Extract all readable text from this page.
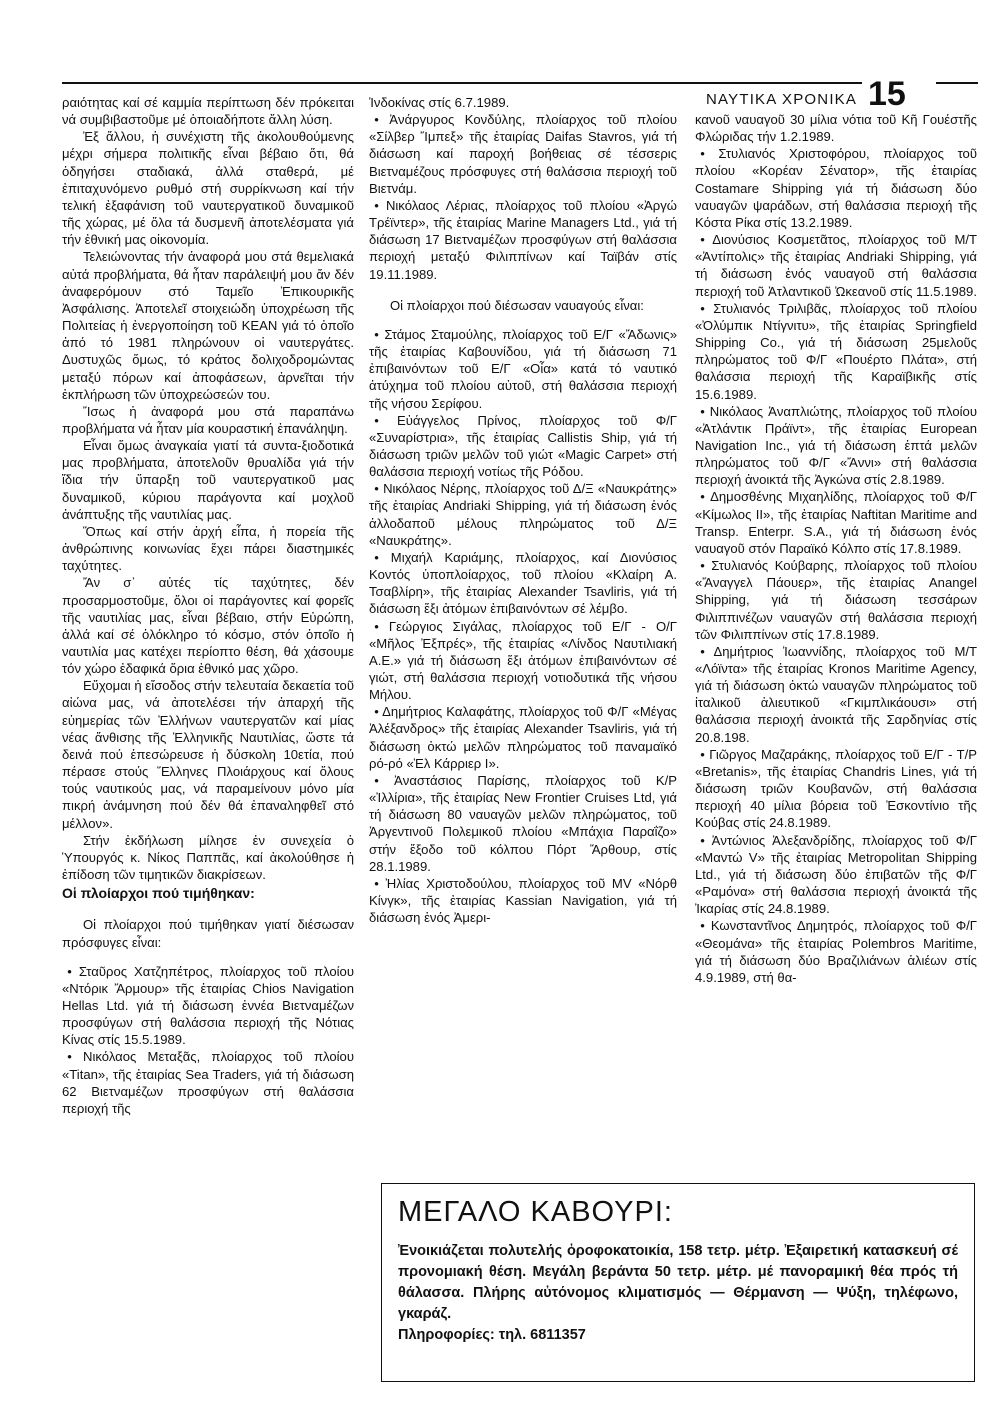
ΝΑΥΤΙΚΑ ΧΡΟΝΙΚΑ 15

ραιότητας καί σέ καμμία περίπτωση δέν πρόκειται νά συμβιβαστοῦμε μέ ὁποιαδήποτε ἄλλη λύση.

Ἐξ ἄλλου, ἡ συνέχιστη τῆς ἀκολουθούμενης μέχρι σήμερα πολιτικῆς εἶναι βέβαιο ὅτι, θά ὁδηγήσει σταδιακά, ἀλλά σταθερά, μέ ἐπιταχυνόμενο ρυθμό στή συρρίκνωση καί τήν τελική ἐξαφάνιση τοῦ ναυτεργατικοῦ δυναμικοῦ τῆς χώρας, μέ ὅλα τά δυσμενῆ ἀποτελέσματα γιά τήν ἐθνική μας οἰκονομία.

Τελειώνοντας τήν ἀναφορά μου στά θεμελιακά αὐτά προβλήματα, θά ἦταν παράλειψή μου ἄν δέν ἀναφερόμουν στό Ταμεῖο Ἐπικουρικῆς Ἀσφάλισης. Ἀποτελεῖ στοιχειώδη ὑποχρέωση τῆς Πολιτείας ἡ ἐνεργοποίηση τοῦ ΚΕΑΝ γιά τό ὁποῖο ἀπό τό 1981 πληρώνουν οἱ ναυτεργάτες. Δυστυχῶς ὅμως, τό κράτος δολιχοδρομώντας μεταξύ πόρων καί ἀποφάσεων, ἀρνεῖται τήν ἐκπλήρωση τῶν ὑποχρεώσεών του.

Ἴσως ἡ ἀναφορά μου στά παραπάνω προβλήματα νά ἦταν μία κουραστική ἐπανάληψη.

Εἶναι ὅμως ἀναγκαία γιατί τά συντα-ξιοδοτικά μας προβλήματα, ἀποτελοῦν θρυαλίδα γιά τήν ἴδια τήν ὕπαρξη τοῦ ναυτεργατικοῦ μας δυναμικοῦ, κύριου παράγοντα καί μοχλοῦ ἀνάπτυξης τῆς ναυτιλίας μας.

Ὅπως καί στήν ἀρχή εἶπα, ἡ πορεία τῆς ἀνθρώπινης κοινωνίας ἔχει πάρει διαστημικές ταχύτητες.

Ἄν σ᾽ αὐτές τίς ταχύτητες, δέν προσαρμοστοῦμε, ὅλοι οἱ παράγοντες καί φορεῖς τῆς ναυτιλίας μας, εἶναι βέβαιο, στήν Εὐρώπη, ἀλλά καί σέ ὁλόκληρο τό κόσμο, στόν ὁποῖο ἡ ναυτιλία μας κατέχει περίοπτο θέση, θά χάσουμε τόν χώρο ἐδαφικά ὅρια ἐθνικό μας χῶρο.

Εὔχομαι ἡ εἴσοδος στήν τελευταία δεκαετία τοῦ αἰώνα μας, νά ἀποτελέσει τήν ἀπαρχή τῆς εὐημερίας τῶν Ἑλλήνων ναυτεργατῶν καί μίας νέας ἄνθισης τῆς Ἑλληνικῆς Ναυτιλίας, ὥστε τά δεινά πού ἐπεσώρευσε ἡ δύσκολη 10ετία, πού πέρασε στούς Ἕλληνες Πλοιάρχους καί ὅλους τούς ναυτικούς μας, νά παραμείνουν μόνο μία πικρή ἀνάμνηση πού δέν θά ἐπαναληφθεῖ στό μέλλον».

Στήν ἐκδήλωση μίλησε ἐν συνεχεία ὁ Ὑπουργός κ. Νίκος Παππᾶς, καί ἀκολούθησε ἡ ἐπίδοση τῶν τιμητικῶν διακρίσεων.

Οἱ πλοίαρχοι πού τιμήθηκαν:

Οἱ πλοίαρχοι πού τιμήθηκαν γιατί διέσωσαν πρόσφυγες εἶναι:

• Σταῦρος Χατζηπέτρος, πλοίαρχος τοῦ πλοίου «Ντόρικ Ἄρμουρ» τῆς ἐταιρίας Chios Navigation Hellas Ltd. γιά τή διάσωση ἐννέα Βιετναμέζων προσφύγων στή θαλάσσια περιοχή τῆς Νότιας Κίνας στίς 15.5.1989.

• Νικόλαος Μεταξᾶς, πλοίαρχος τοῦ πλοίου «Titan», τῆς ἐταιρίας Sea Traders, γιά τή διάσωση 62 Βιετναμέζων προσφύγων στή θαλάσσια περιοχή τῆς

Ἰνδοκίνας στίς 6.7.1989.

• Ἀνάργυρος Κονδύλης, πλοίαρχος τοῦ πλοίου «Σίλβερ Ἴμπεξ» τῆς ἐταιρίας Daifas Stavros, γιά τή διάσωση καί παροχή βοήθειας σέ τέσσερις Βιετναμέζους πρόσφυγες στή θαλάσσια περιοχή τοῦ Βιετνάμ.

• Νικόλαος Λέριας, πλοίαρχος τοῦ πλοίου «Ἀργώ Τρέϊντερ», τῆς ἐταιρίας Marine Managers Ltd., γιά τή διάσωση 17 Βιετναμέζων προσφύγων στή θαλάσσια περιοχή μεταξύ Φιλιππίνων καί Ταϊβάν στίς 19.11.1989.

Οἱ πλοίαρχοι πού διέσωσαν ναυαγούς εἶναι:

• Στάμος Σταμούλης, πλοίαρχος τοῦ Ε/Γ «Ἄδωνις» τῆς ἐταιρίας Καβουνίδου, γιά τή διάσωση 71 ἐπιβαινόντων τοῦ Ε/Γ «Οἶα» κατά τό ναυτικό ἀτύχημα τοῦ πλοίου αὐτοῦ, στή θαλάσσια περιοχή τῆς νήσου Σερίφου.

• Εὐάγγελος Πρίνος, πλοίαρχος τοῦ Φ/Γ «Συναρίστρια», τῆς ἐταιρίας Callistis Ship, γιά τή διάσωση τριῶν μελῶν τοῦ γιώτ «Magic Carpet» στή θαλάσσια περιοχή νοτίως τῆς Ρόδου.

• Νικόλαος Νέρης, πλοίαρχος τοῦ Δ/Ξ «Ναυκράτης» τῆς ἐταιρίας Andriaki Shipping, γιά τή διάσωση ἑνός ἀλλοδαποῦ μέλους πληρώματος τοῦ Δ/Ξ «Ναυκράτης».

• Μιχαήλ Καριάμης, πλοίαρχος, καί Διονύσιος Κοντός ὑποπλοίαρχος, τοῦ πλοίου «Κλαίρη Α. Τσαβλίρη», τῆς ἐταιρίας Alexander Tsavliris, γιά τή διάσωση ἕξι ἀτόμων ἐπιβαινόντων σέ λέμβο.

• Γεώργιος Σιγάλας, πλοίαρχος τοῦ Ε/Γ - Ο/Γ «Μῆλος Ἐξπρές», τῆς ἐταιρίας «Λίνδος Ναυτιλιακή Α.Ε.» γιά τή διάσωση ἕξι ἀτόμων ἐπιβαινόντων σέ γιώτ, στή θαλάσσια περιοχή νοτιοδυτικά τῆς νήσου Μήλου.

• Δημήτριος Καλαφάτης, πλοίαρχος τοῦ Φ/Γ «Μέγας Ἀλέξανδρος» τῆς ἐταιρίας Alexander Tsavliris, γιά τή διάσωση ὀκτώ μελῶν πληρώματος τοῦ παναμαϊκό ρό-ρό «Ἑλ Κάρριερ Ι».

• Ἀναστάσιος Παρίσης, πλοίαρχος τοῦ Κ/Ρ «Ἰλλίρια», τῆς ἐταιρίας New Frontier Cruises Ltd, γιά τή διάσωση 80 ναυαγῶν μελῶν πληρώματος, τοῦ Ἀργεντινοῦ Πολεμικοῦ πλοίου «Μπάχια Παραΐζο» στήν ἔξοδο τοῦ κόλπου Πόρτ Ἄρθουρ, στίς 28.1.1989.

• Ἠλίας Χριστοδούλου, πλοίαρχος τοῦ MV «Νόρθ Κίνγκ», τῆς ἐταιρίας Kassian Navigation, γιά τή διάσωση ἑνός Ἀμερι-

κανοῦ ναυαγοῦ 30 μίλια νότια τοῦ Κῆ Γουέστῆς Φλώριδας τήν 1.2.1989.

• Στυλιανός Χριστοφόρου, πλοίαρχος τοῦ πλοίου «Κορέαν Σένατορ», τῆς ἐταιρίας Costamare Shipping γιά τή διάσωση δύο ναυαγῶν ψαράδων, στή θαλάσσια περιοχή τῆς Κόστα Ρίκα στίς 13.2.1989.

• Διονύσιος Κοσμετᾶτος, πλοίαρχος τοῦ Μ/Τ «Ἀντίπολις» τῆς ἐταιρίας Andriaki Shipping, γιά τή διάσωση ἑνός ναυαγοῦ στή θαλάσσια περιοχή τοῦ Ἀτλαντικοῦ Ὠκεανοῦ στίς 11.5.1989.

• Στυλιανός Τριλιβᾶς, πλοίαρχος τοῦ πλοίου «Ὀλύμπικ Ντίγνιτυ», τῆς ἐταιρίας Springfield Shipping Co., γιά τή διάσωση 25μελοῦς πληρώματος τοῦ Φ/Γ «Πουέρτο Πλάτα», στή θαλάσσια περιοχή τῆς Καραϊβικῆς στίς 15.6.1989.

• Νικόλαος Ἀναπλιώτης, πλοίαρχος τοῦ πλοίου «Ἀτλάντικ Πράϊντ», τῆς ἐταιρίας European Navigation Inc., γιά τή διάσωση ἑπτά μελῶν πληρώματος τοῦ Φ/Γ «Ἄννι» στή θαλάσσια περιοχή ἀνοικτά τῆς Ἀγκώνα στίς 2.8.1989.

• Δημοσθένης Μιχαηλίδης, πλοίαρχος τοῦ Φ/Γ «Κίμωλος ΙΙ», τῆς ἐταιρίας Naftitan Maritime and Transp. Enterpr. S.A., γιά τή διάσωση ἑνός ναυαγοῦ στόν Παραϊκό Κόλπο στίς 17.8.1989.

• Στυλιανός Κούβαρης, πλοίαρχος τοῦ πλοίου «Ἄναγγελ Πάουερ», τῆς ἐταιρίας Anangel Shipping, γιά τή διάσωση τεσσάρων Φιλιππινέζων ναυαγῶν στή θαλάσσια περιοχή τῶν Φιλιππίνων στίς 17.8.1989.

• Δημήτριος Ἰωαννίδης, πλοίαρχος τοῦ Μ/Τ «Λόϊντα» τῆς ἐταιρίας Kronos Maritime Agency, γιά τή διάσωση ὀκτώ ναυαγῶν πληρώματος τοῦ ἰταλικοῦ ἁλιευτικοῦ «Γκιμπλικάουσι» στή θαλάσσια περιοχή ἀνοικτά τῆς Σαρδηνίας στίς 20.8.198.

• Γιῶργος Μαζαράκης, πλοίαρχος τοῦ Ε/Γ - Τ/Ρ «Bretanis», τῆς ἐταιρίας Chandris Lines, γιά τή διάσωση τριῶν Κουβανῶν, στή θαλάσσια περιοχή 40 μίλια βόρεια τοῦ Ἐσκοντίνιο τῆς Κούβας στίς 24.8.1989.

• Ἀντώνιος Ἀλεξανδρίδης, πλοίαρχος τοῦ Φ/Γ «Μαντώ V» τῆς ἐταιρίας Metropolitan Shipping Ltd., γιά τή διάσωση δύο ἐπιβατῶν τῆς Φ/Γ «Ραμόνα» στή θαλάσσια περιοχή ἀνοικτά τῆς Ἰκαρίας στίς 24.8.1989.

• Κωνσταντῖνος Δημητρός, πλοίαρχος τοῦ Φ/Γ «Θεομάνα» τῆς ἐταιρίας Polembros Maritime, γιά τή διάσωση δύο Βραζιλιάνων ἁλιέων στίς 4.9.1989, στή θα-

ΜΕΓΑΛΟ ΚΑΒΟΥΡΙ:
Ἐνοικιάζεται πολυτελής ὀροφοκατοικία, 158 τετρ. μέτρ. Ἐξαιρετική κατασκευή σέ προνομιακή θέση. Μεγάλη βεράντα 50 τετρ. μέτρ. μέ πανοραμική θέα πρός τή θάλασσα. Πλήρης αὐτόνομος κλιματισμός — Θέρμανση — Ψύξη, τηλέφωνο, γκαράζ.
Πληροφορίες: τηλ. 6811357
